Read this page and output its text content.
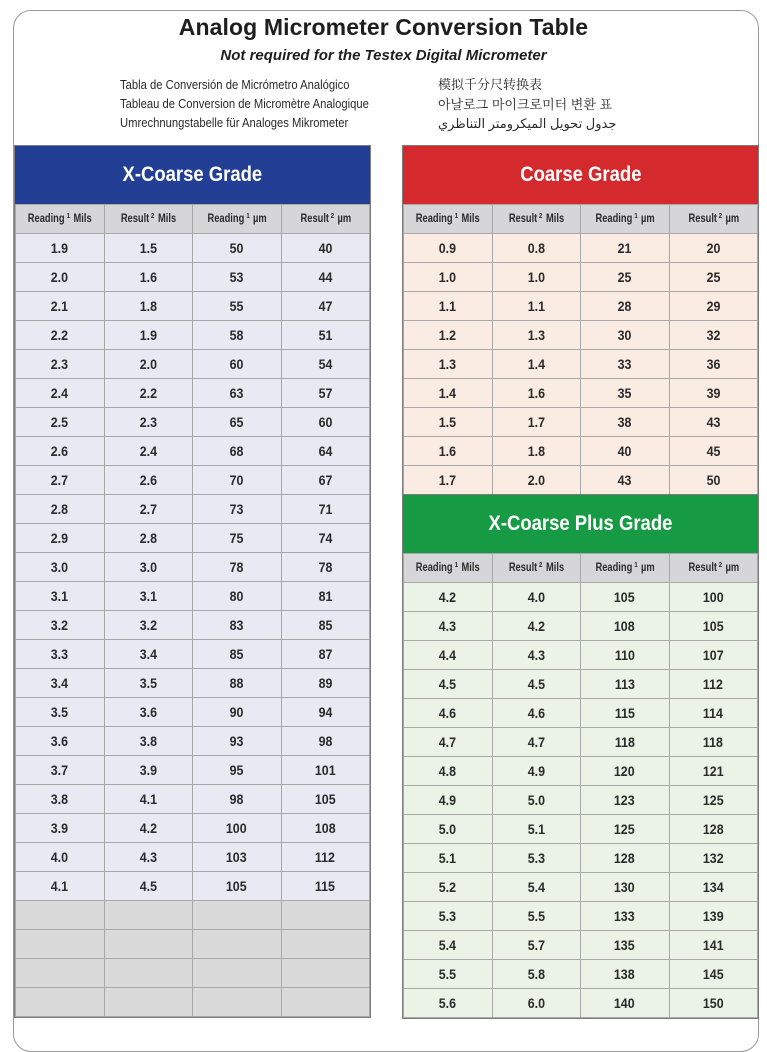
Analog Micrometer Conversion Table
Not required for the Testex Digital Micrometer
Tabla de Conversión de Micrómetro Analógico
Tableau de Conversion de Micromètre Analogique
Umrechnungstabelle für Analoges Mikrometer
模拟千分尺转换表
아날로그 마이크로미터 변환 표
جدول تحويل الميكرومتر التناظري
X-Coarse Grade
Reading $^1$ Mils	Result $^2$ Mils	Reading $^1$ µm	Result $^2$ µm
1.9	1.5	50	40
2.0	1.6	53	44
2.1	1.8	55	47
2.2	1.9	58	51
2.3	2.0	60	54
2.4	2.2	63	57
2.5	2.3	65	60
2.6	2.4	68	64
2.7	2.6	70	67
2.8	2.7	73	71
2.9	2.8	75	74
3.0	3.0	78	78
3.1	3.1	80	81
3.2	3.2	83	85
3.3	3.4	85	87
3.4	3.5	88	89
3.5	3.6	90	94
3.6	3.8	93	98
3.7	3.9	95	101
3.8	4.1	98	105
3.9	4.2	100	108
4.0	4.3	103	112
4.1	4.5	105	115

Coarse Grade
Reading $^1$ Mils	Result $^2$ Mils	Reading $^1$ µm	Result $^2$ µm
0.9	0.8	21	20
1.0	1.0	25	25
1.1	1.1	28	29
1.2	1.3	30	32
1.3	1.4	33	36
1.4	1.6	35	39
1.5	1.7	38	43
1.6	1.8	40	45
1.7	2.0	43	50
X-Coarse Plus Grade
Reading $^1$ Mils	Result $^2$ Mils	Reading $^1$ µm	Result $^2$ µm
4.2	4.0	105	100
4.3	4.2	108	105
4.4	4.3	110	107
4.5	4.5	113	112
4.6	4.6	115	114
4.7	4.7	118	118
4.8	4.9	120	121
4.9	5.0	123	125
5.0	5.1	125	128
5.1	5.3	128	132
5.2	5.4	130	134
5.3	5.5	133	139
5.4	5.7	135	141
5.5	5.8	138	145
5.6	6.0	140	150
